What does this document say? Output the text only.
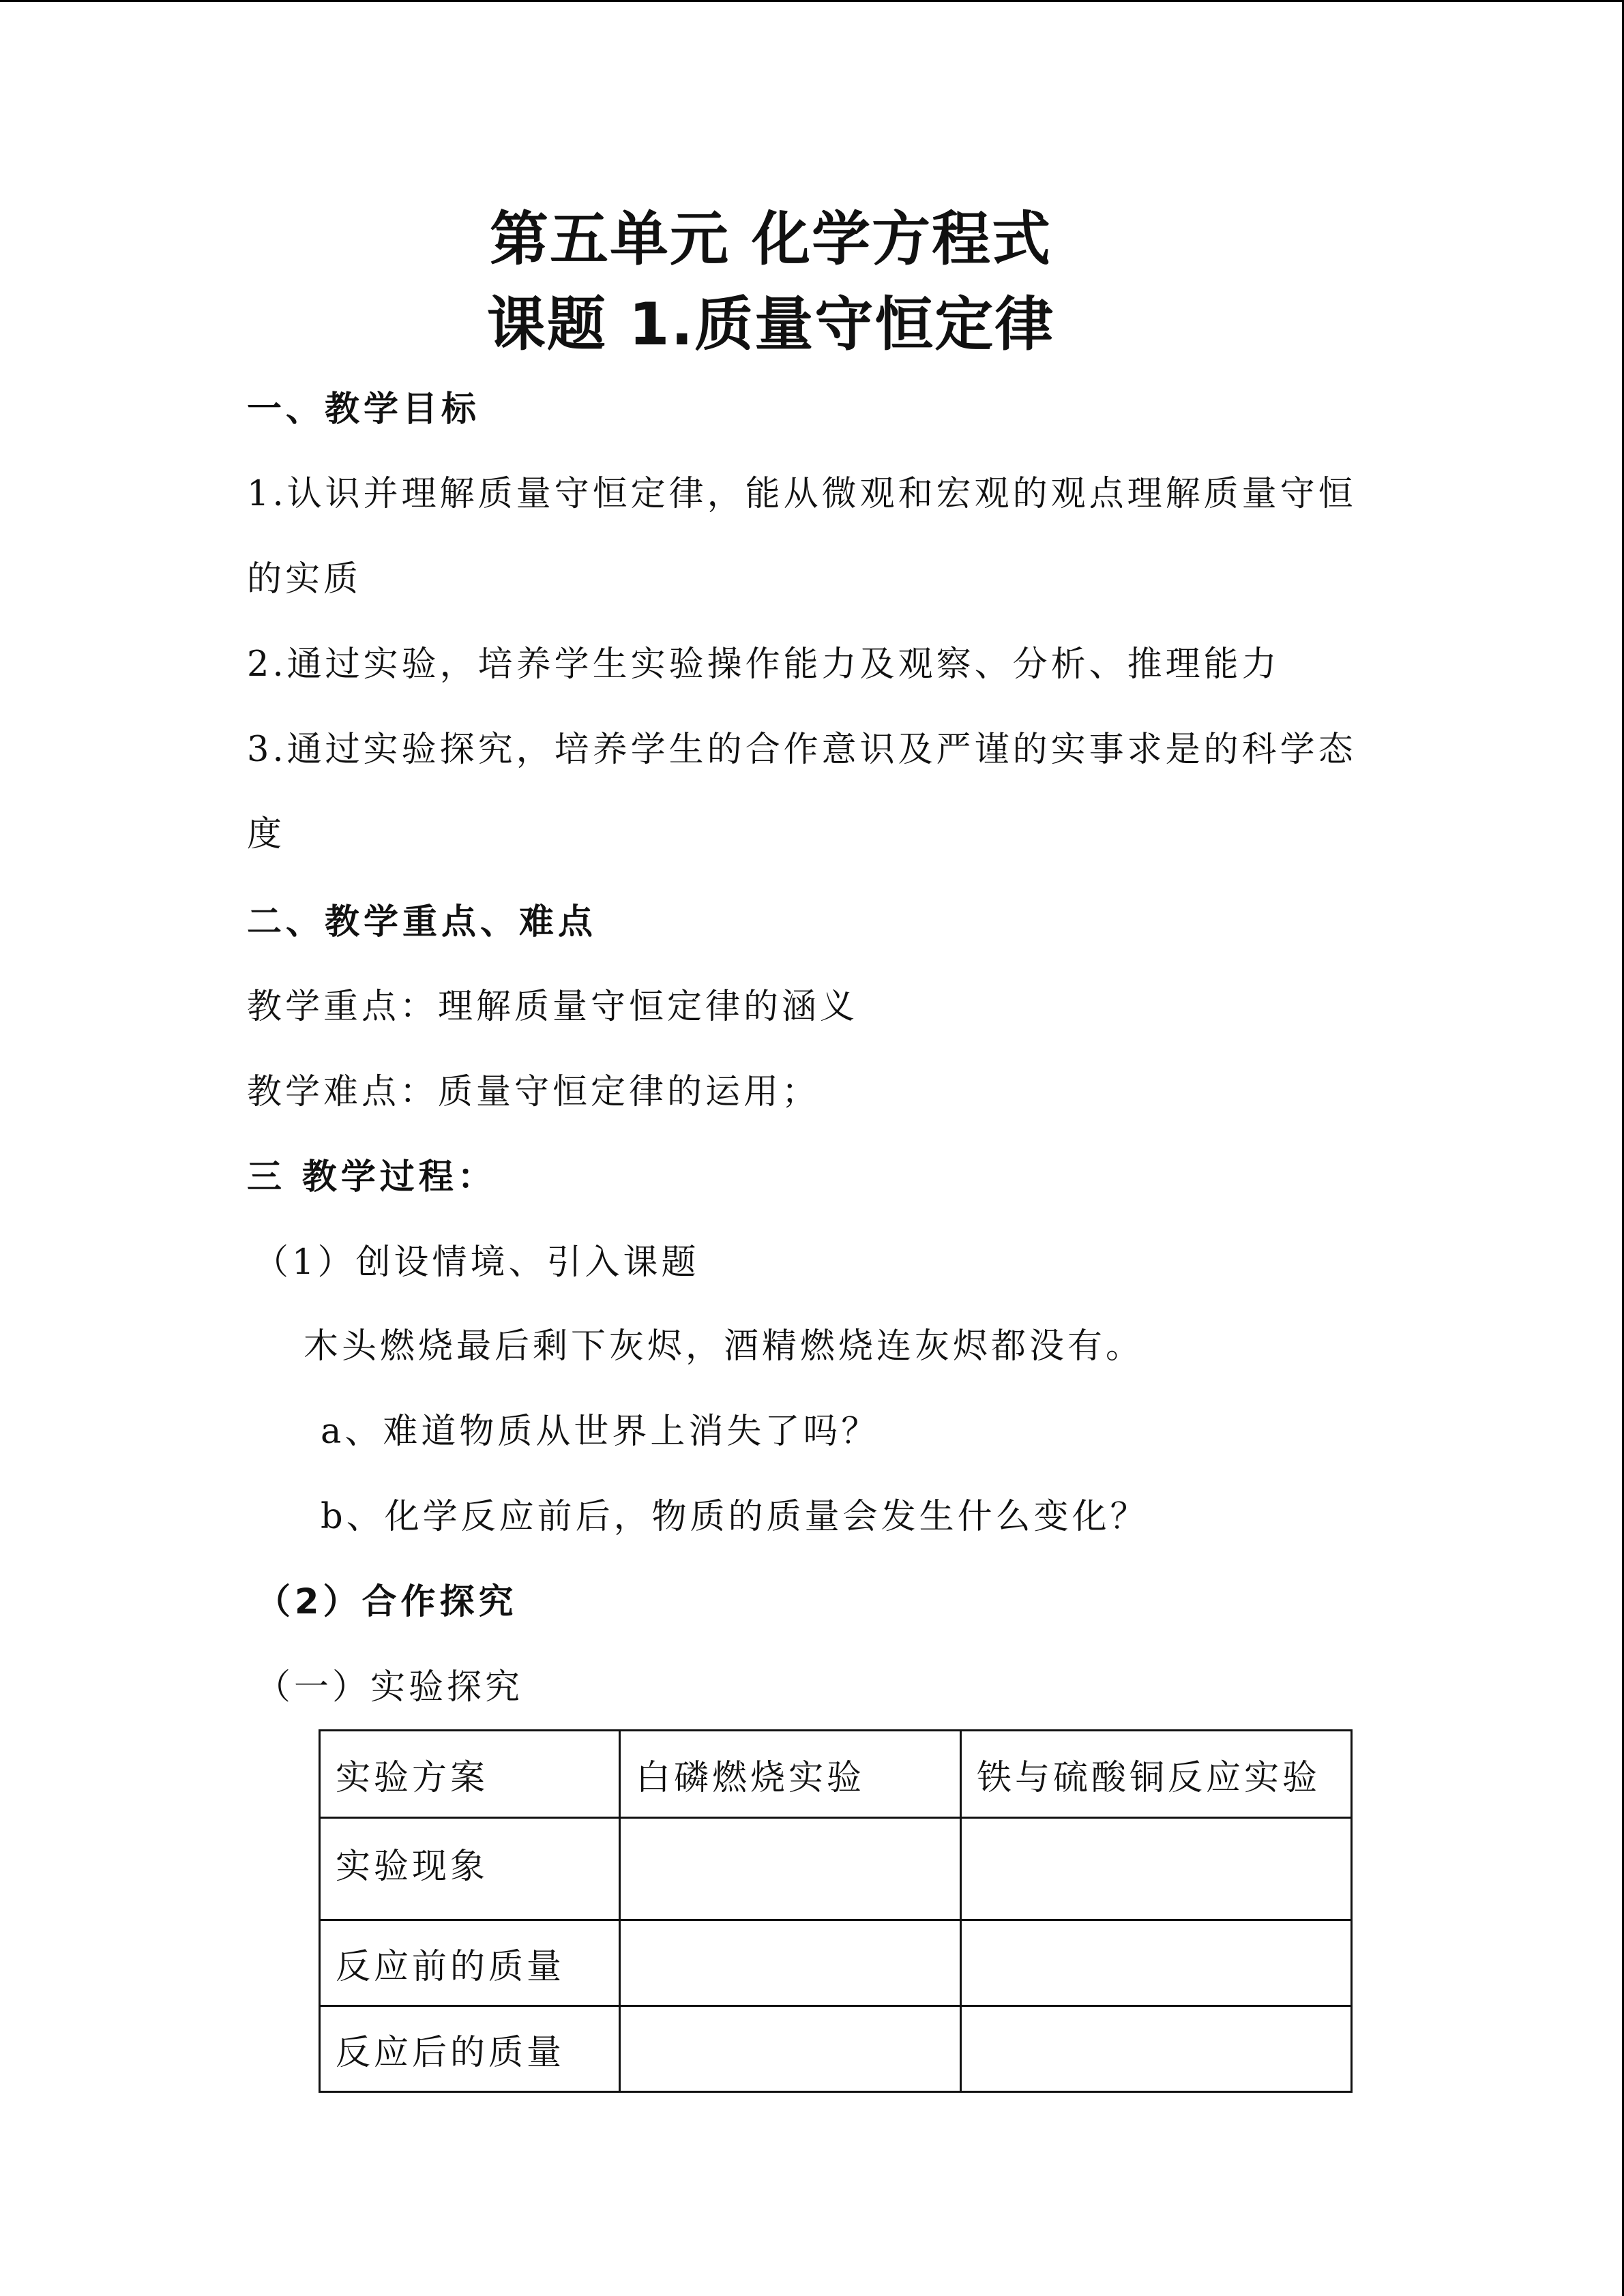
第五单元 化学方程式
课题 1.质量守恒定律
一、教学目标
1.认识并理解质量守恒定律，能从微观和宏观的观点理解质量守恒
的实质
2.通过实验，培养学生实验操作能力及观察、分析、推理能力
3.通过实验探究，培养学生的合作意识及严谨的实事求是的科学态
度
二、教学重点、难点
教学重点：理解质量守恒定律的涵义
教学难点：质量守恒定律的运用；
三 教学过程：
（1）创设情境、引入课题
木头燃烧最后剩下灰烬，酒精燃烧连灰烬都没有。
a、难道物质从世界上消失了吗？
b、化学反应前后，物质的质量会发生什么变化？
（2）合作探究
（一）实验探究
实验方案	白磷燃烧实验	铁与硫酸铜反应实验
实验现象		
反应前的质量		
反应后的质量		
